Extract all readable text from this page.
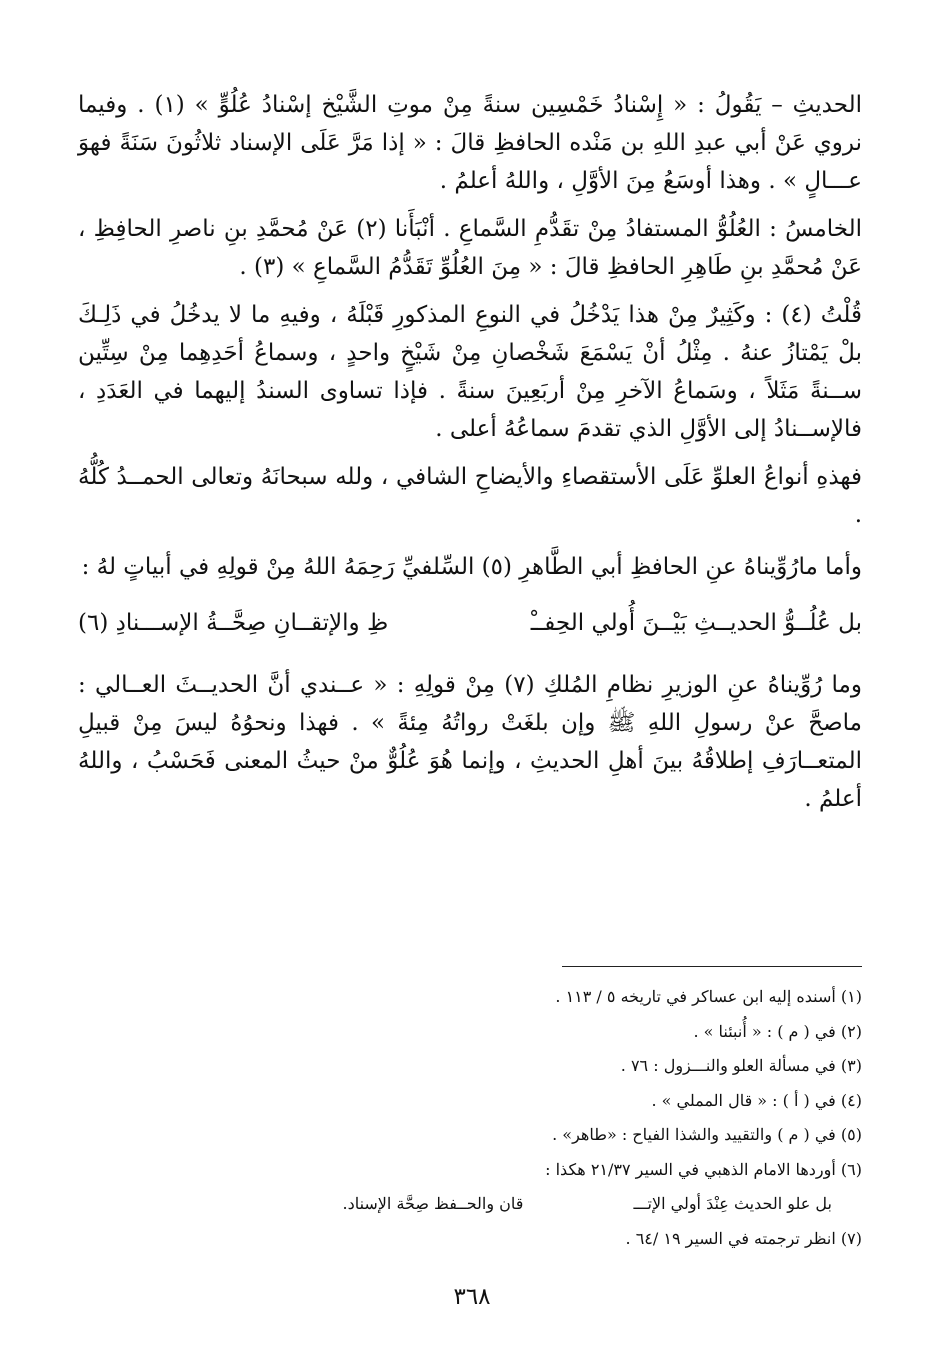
الحديثِ – يَقُولُ : « إِسْنادُ خَمْسِين سنةً مِنْ موتِ الشَّيْخ إسْنادُ عُلُوٍّ » (١) . وفيما نروي عَنْ أبي عبدِ اللهِ بن مَنْده الحافظِ قالَ : « إذا مَرَّ عَلَى الإسناد ثلاثُونَ سَنَةً فهوَ عـــالٍ » . وهذا أوسَعُ مِنَ الأوَّلِ ، واللهُ أعلمُ .

الخامسُ : العُلُوُّ المستفادُ مِنْ تقَدُّمِ السَّماعِ . أنْبَأَنا (٢) عَنْ مُحمَّدِ بنِ ناصرِ الحافِظِ ، عَنْ مُحمَّدِ بنِ طَاهِرِ الحافظِ قالَ : « مِنَ العُلُوِّ تَقَدُّمُ السَّماعِ » (٣) .

قُلْتُ (٤) : وكَثِيرٌ مِنْ هذا يَدْخُلُ في النوعِ المذكورِ قَبْلَهُ ، وفيهِ ما لا يدخُلُ في ذَلِـكَ بلْ يَمْتازُ عنهُ . مِثْلُ أنْ يَسْمَعَ شَخْصانِ مِنْ شَيْخٍ واحدٍ ، وسماعُ أحَدِهِما مِنْ سِتِّين ســنةً مَثَلاً ، وسَماعُ الآخرِ مِنْ أربَعِينَ سنةً . فإذا تساوى السندُ إليهما في العَدَدِ ، فالإســنادُ إلى الأوَّلِ الذي تقدمَ سماعُهُ أعلى .

فهذهِ أنواعُ العلوِّ عَلَى الأستقصاءِ والأيضاحِ الشافي ، ولله سبحانَهُ وتعالى الحمــدُ كُلُّهُ .

وأما مارُوِّيناهُ عنِ الحافظِ أبي الطَّاهرِ (٥) السِّلفيِّ رَحِمَهُ اللهُ مِنْ قولِهِ في أبياتٍ لهُ :

بل عُلُــوُّ الحديــثِ بَيْــنَ أُولي الحِفــْ
ظِ والإتقــانِ صِحَّــةُ الإســـنادِ (٦)

وما رُوِّيناهُ عنِ الوزيرِ نظامِ المُلكِ (٧) مِنْ قولِهِ : « عــندي أنَّ الحديــثَ العــالي : ماصحَّ عنْ رسولِ اللهِ ﷺ وإن بلغَتْ رواتُهُ مِئةً » . فهذا ونحوُهُ ليسَ مِنْ قبيلِ المتعــارَفِ إطلاقُهُ بينَ أهلِ الحديثِ ، وإنما هُوَ عُلُوٌّ منْ حيثُ المعنى فَحَسْبُ ، واللهُ أعلمُ .

(١) أسنده إليه ابن عساكر في تاريخه ٥ / ١١٣ .
(٢) في ( م ) : « أُنبئنا » .
(٣) في مسألة العلو والنـــزول : ٧٦ .
(٤) في ( أ ) : « قال المملي » .
(٥) في ( م ) والتقييد والشذا الفياح : «طاهر» .
(٦) أوردها الامام الذهبي في السير ٢١/٣٧ هكذا :
بل علو الحديث عِنْدَ أولي الإتـــ
قان والحــفظ صِحَّة الإسناد.
(٧) انظر ترجمته في السير ١٩ /٦٤ .
٣٦٨
